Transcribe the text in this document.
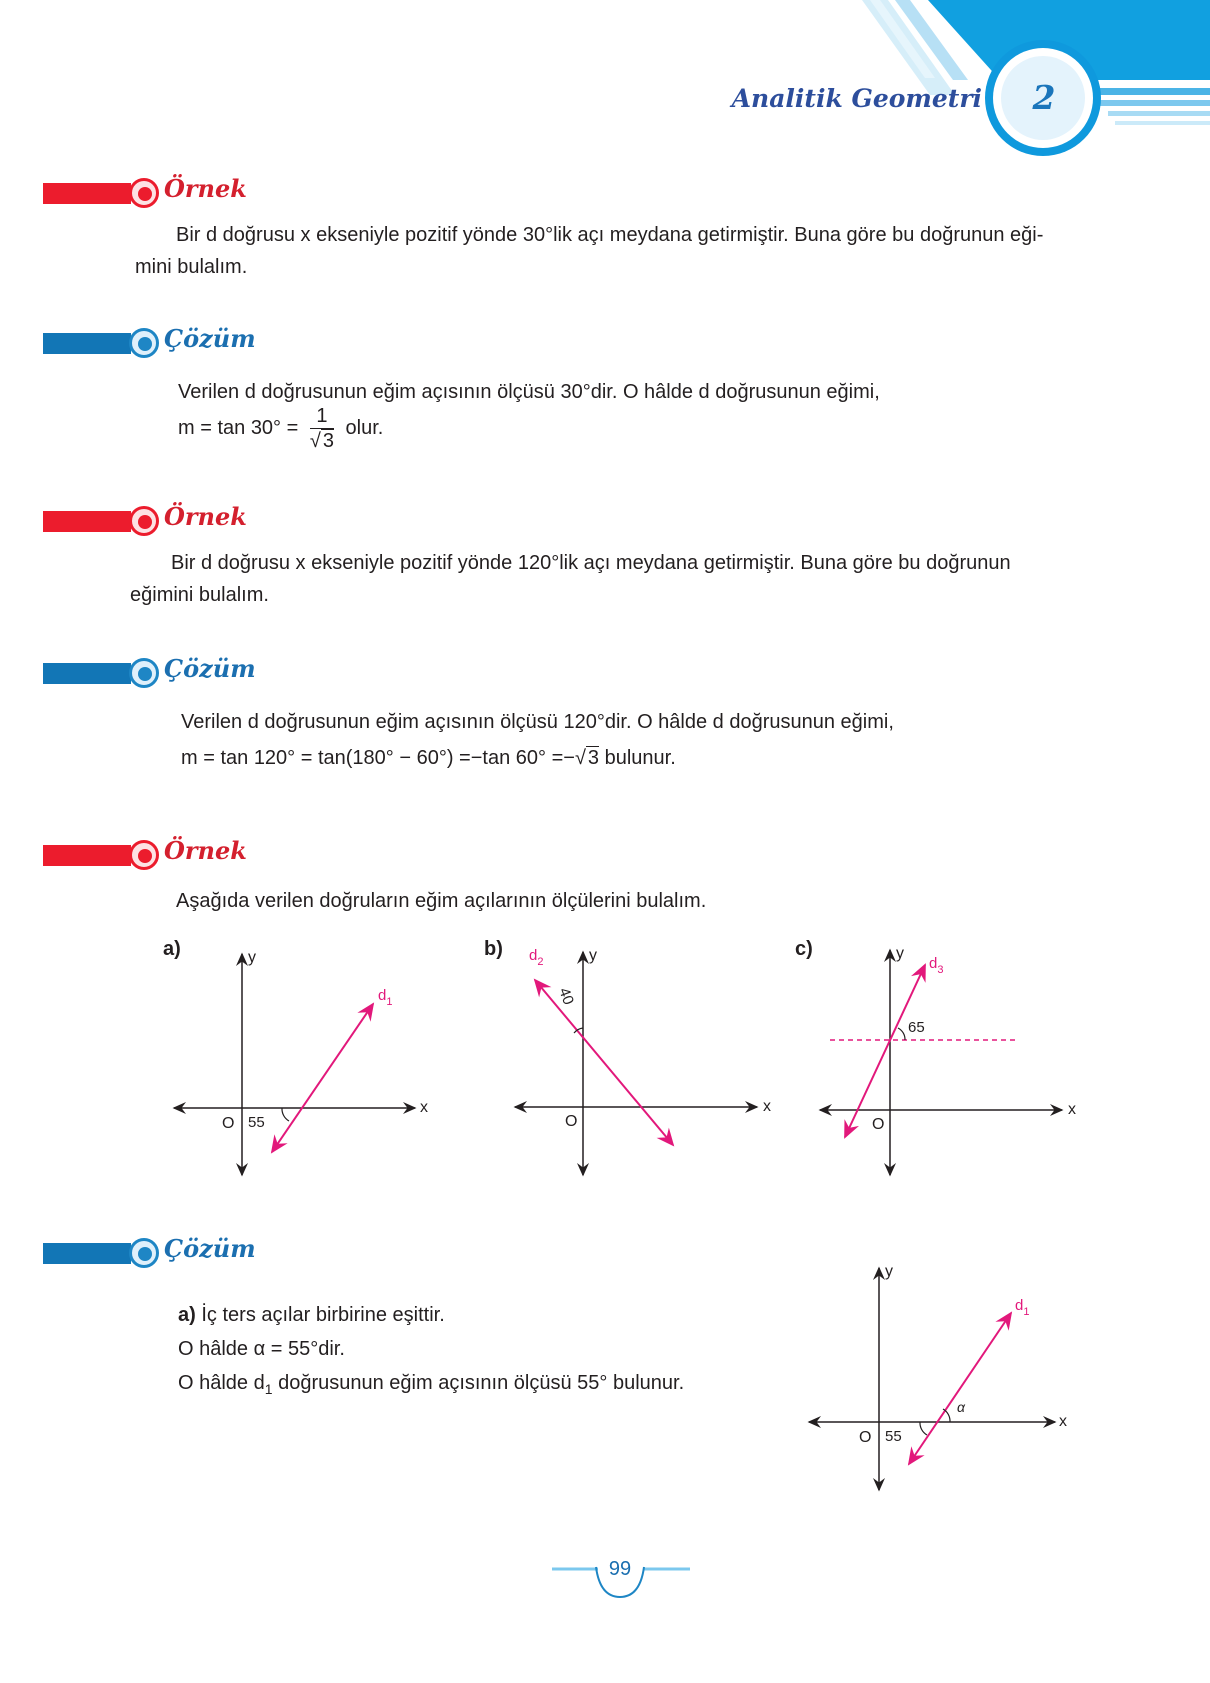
Analitik Geometri	2
Örnek
Bir d doğrusu x ekseniyle pozitif yönde 30°lik açı meydana getirmiştir. Buna göre bu doğrunun eği-
mini bulalım.
Çözüm
Verilen d doğrusunun eğim açısının ölçüsü 30°dir. O hâlde d doğrusunun eğimi,
$m = \tan 30^\circ = \frac{1}{√ 3}$ olur.
Örnek
Bir d doğrusu x ekseniyle pozitif yönde 120°lik açı meydana getirmiştir. Buna göre bu doğrunun
eğimini bulalım.
Çözüm
Verilen d doğrusunun eğim açısının ölçüsü 120°dir. O hâlde d doğrusunun eğimi,
m = tan 120° = tan(180° − 60°) =−tan 60° =−√ 3 bulunur.
Örnek
Aşağıda verilen doğruların eğim açılarının ölçülerini bulalım.
a)	b)	c)
y
x
O 55
$d_1$
y
x
O
40
$d_2$	y
x
O
65
$d_3$
Çözüm
a) İç ters açılar birbirine eşittir.
O hâlde α = 55°dir.
O hâlde $d_1$ doğrusunun eğim açısının ölçüsü 55° bulunur.
y
x
O 55
α
$d_1$
99
